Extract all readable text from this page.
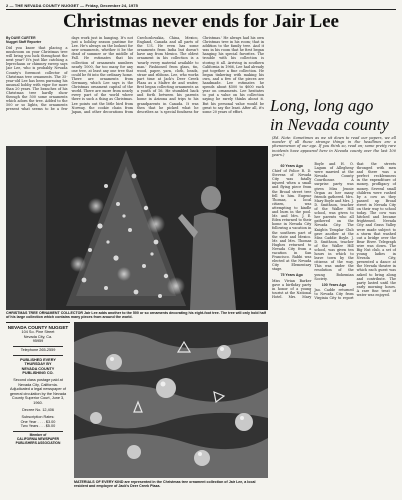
2 — THE NEVADA COUNTY NUGGET — Friday, December 24, 1975
Christmas never ends for Jair Lee
By DAVE CARTER
Nugget Staff Reporter

Did you know that placing a mushroom on your Christmas tree will bring you luck throughout the next year? It's just like catching a leprechaun or chimney sweep says Jair Lee, who is probably Nevada County's foremost collector of Christmas tree ornaments. The 35-year-old Lee has been pursuing his unusual hobby with vigor for more than 20 years. The branches of his Christmas tree hardly show through the 500 some ornaments which adorn the tree. Added to the 500 or so lights, the ornaments present what seems to be a few days work just in hanging. It's not just a holiday season pastime for Lee. He's always on the lookout for new ornaments, whether it be the dead of summer or the middle of Fall. He estimates that his collection of ornaments numbers nearly 1000, far too many for any one tree, at least any one tree that could be fit into the ordinary home. There are ornaments from Germany, which Lee says is the Christmas ornament capital of the world. There are more from nearly every part of the world where there is such a thing as Christmas. Lee points out the little bird from Norway, the cookie chain from Japan, and other decorations from Czechoslovakia, China, Mexico, England, Canada and all parts of the U.S. He even has some ornaments from India but doesn't have any from Mexico. The oldest ornament in his collection is a 'nearly every material available to man.' Fashioned from glass, tin, wood, paper, yarn, cloth, beads, straw and ribbons. Lee, who works part time at Jack's Deer Creek Plaza as a Maître de and waiter, first began collecting ornaments as a youth of 16. He stumbled back and forth between his parents home in Arizona and trips to his grandparents in Canada. It was then that he picked what he describes as 'a special fondness for Christmas.' He always had his own Christmas tree in his room; that in addition to the family tree. And it was in his room that he first began hanging his special favorites. The trouble with his collection is storing it all. Arriving in southern California in 1966, Lee had already put together a fine collection. He began tinkering with making his own, and a few of the pieces are handmade. Lee estimates he spends about $500 to $600 each year on ornaments. Lee hesitates to put a value on his collection saying he rarely thinks about it. But his personal value would be great to say the least. After all, it's some 20 years of effort.	Long, long ago
in Nevada county
(Ed. Note: Sometimes as we sit down to read our papers, we all wonder if all these strange things in the headlines are a phenomenon of our age. If you think so, read on; some pretty rare incidents have appeared here in Nevada county over the last 100 years.)
60 Years Ago

Chief of Police R. D. Stevens of Nevada City was fatally injured when a small and flying piece from the Broad street tree fell to him. Eugene Thomas, a local citizen, was attempting to kindle and burn in the pool. Mr. and Mrs. J. E. Eden returned to their home in Nevada City following a vacation in the southern part of the state and Mexico. Mr. and Mrs. Thomas Hughes returned to Nevada City from a vacation in San Francisco. Rabbi was elected at the Nevada City Elementary stage.

75 Years Ago

Miss Vivian Barker gave a birthday party in honor of a young tourist at the National Hotel. Mrs. Mary Boyle and H. O. Lagum of Allegheny were married at the Nevada County Courthouse. A surprise party was given Miss Jennie Organ as her many friends gathered. Mrs. Mary Boyle and Mrs. J. D. Smithson, teacher of the Waller Hill school, was given to her parents who all gathered on the Nevada City. The Knights Templar Club gave another at the Miss Caddie Boyle. J. D. Smithson, teacher of the Waller Hill school, was given ten hours in which to leave town by the citizens of the way. This was under the resolution of the young Bohemian Society.

100 Years Ago

Jno. Cadde returned to Nevada City from Virginia City to report that the streets thronged with men and there was a perfect recklessness in the expenditure of money, profligacy of money. Several small children were rushed by a cow as they passed up Broad street in Nevada City on their way to school today. The cow was hitched and became frightened. Nevada City and Grass Valley were made subject to a storm that washed out a bridge over the Bear River. Telegraph wire was down. The Big Nut club, a set of young ladies in Nevada City, presented a dance at the Nevada theatre in which each guest was asked to bring along and contribute. The party lasted until the early morning hours. A rare fine treat of water was enjoyed.

CHRISTMAS TREE ORNAMENT COLLECTOR Jair Lee adds another to the 500 or so ornaments decorating his eight-foot tree. The tree will only hold half of his large collection which contains many pieces from around the world.
NEVADA COUNTY NUGGET
104 So. Pine Street
Nevada City, Ca.
95959
Telephone 265-2559
PUBLISHED EVERY
THURSDAY BY
NEVADA COUNTY
PUBLISHING CO.
Second class postage paid at Nevada City, California. Adjudicated a legal newspaper of general circulation by the Nevada County Superior Court, June 3, 1960.
Decree No. 12,406
Subscription Rates:
One Year . . . . $3.00
Two Years . . . $5.00
Member of
CALIFORNIA NEWSPAPER
PUBLISHERS ASSOCIATION
MATERIALS OF EVERY KIND are represented in the Christmas tree ornament collection of Jair Lee, a local resident and employee of Jack's Deer Creek Plaza.
